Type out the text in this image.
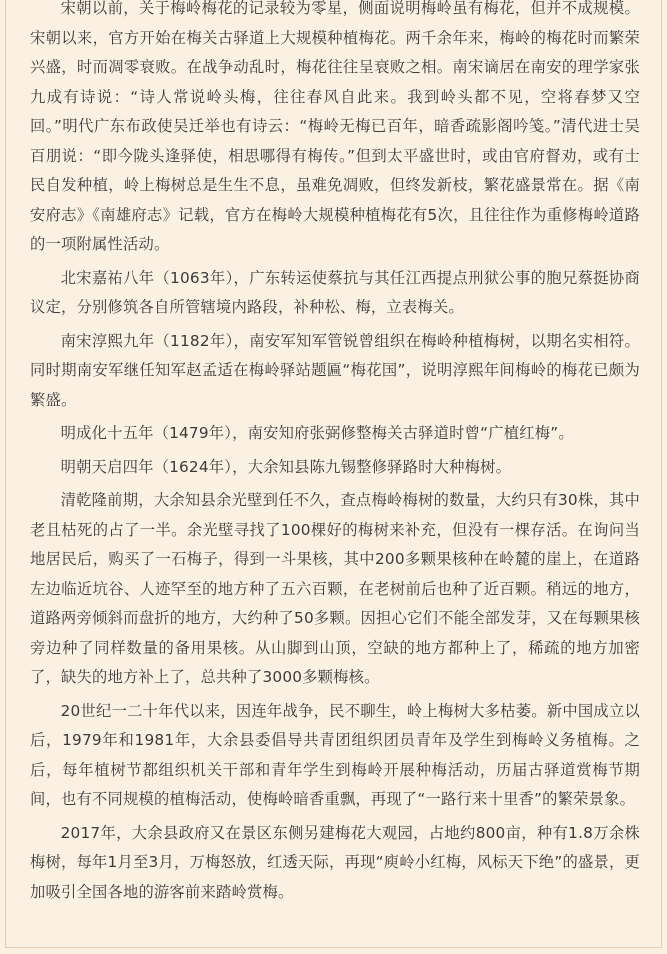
宋朝以前，关于梅岭梅花的记录较为零星，侧面说明梅岭虽有梅花，但并不成规模。宋朝以来，官方开始在梅关古驿道上大规模种植梅花。两千余年来，梅岭的梅花时而繁荣兴盛，时而凋零衰败。在战争动乱时，梅花往往呈衰败之相。南宋谪居在南安的理学家张九成有诗说：“诗人常说岭头梅，往往春风自此来。我到岭头都不见，空将春梦又空回。”明代广东布政使吴迁举也有诗云：“梅岭无梅已百年，暗香疏影阁吟笺。”清代进士吴百朋说：“即今陇头逢驿使，相思哪得有梅传。”但到太平盛世时，或由官府督劝，或有士民自发种植，岭上梅树总是生生不息，虽难免凋败，但终发新枝，繁花盛景常在。据《南安府志》《南雄府志》记载，官方在梅岭大规模种植梅花有5次，且往往作为重修梅岭道路的一项附属性活动。

北宋嘉祐八年（1063年），广东转运使蔡抗与其任江西提点刑狱公事的胞兄蔡挺协商议定，分别修筑各自所管辖境内路段，补种松、梅，立表梅关。

南宋淳熙九年（1182年），南安军知军管锐曾组织在梅岭种植梅树，以期名实相符。同时期南安军继任知军赵孟适在梅岭驿站题匾“梅花国”，说明淳熙年间梅岭的梅花已颇为繁盛。

明成化十五年（1479年），南安知府张弼修整梅关古驿道时曾“广植红梅”。

明朝天启四年（1624年），大余知县陈九锡整修驿路时大种梅树。

清乾隆前期，大余知县余光壁到任不久，查点梅岭梅树的数量，大约只有30株，其中老且枯死的占了一半。余光壁寻找了100棵好的梅树来补充，但没有一棵存活。在询问当地居民后，购买了一石梅子，得到一斗果核，其中200多颗果核种在岭麓的崖上，在道路左边临近坑谷、人迹罕至的地方种了五六百颗，在老树前后也种了近百颗。稍远的地方，道路两旁倾斜而盘折的地方，大约种了50多颗。因担心它们不能全部发芽，又在每颗果核旁边种了同样数量的备用果核。从山脚到山顶，空缺的地方都种上了，稀疏的地方加密了，缺失的地方补上了，总共种了3000多颗梅核。

20世纪一二十年代以来，因连年战争，民不聊生，岭上梅树大多枯萎。新中国成立以后，1979年和1981年，大余县委倡导共青团组织团员青年及学生到梅岭义务植梅。之后，每年植树节都组织机关干部和青年学生到梅岭开展种梅活动，历届古驿道赏梅节期间，也有不同规模的植梅活动，使梅岭暗香重飘，再现了“一路行来十里香”的繁荣景象。

2017年，大余县政府又在景区东侧另建梅花大观园，占地约800亩，种有1.8万余株梅树，每年1月至3月，万梅怒放，红透天际，再现“庾岭小红梅，风标天下绝”的盛景，更加吸引全国各地的游客前来踏岭赏梅。
